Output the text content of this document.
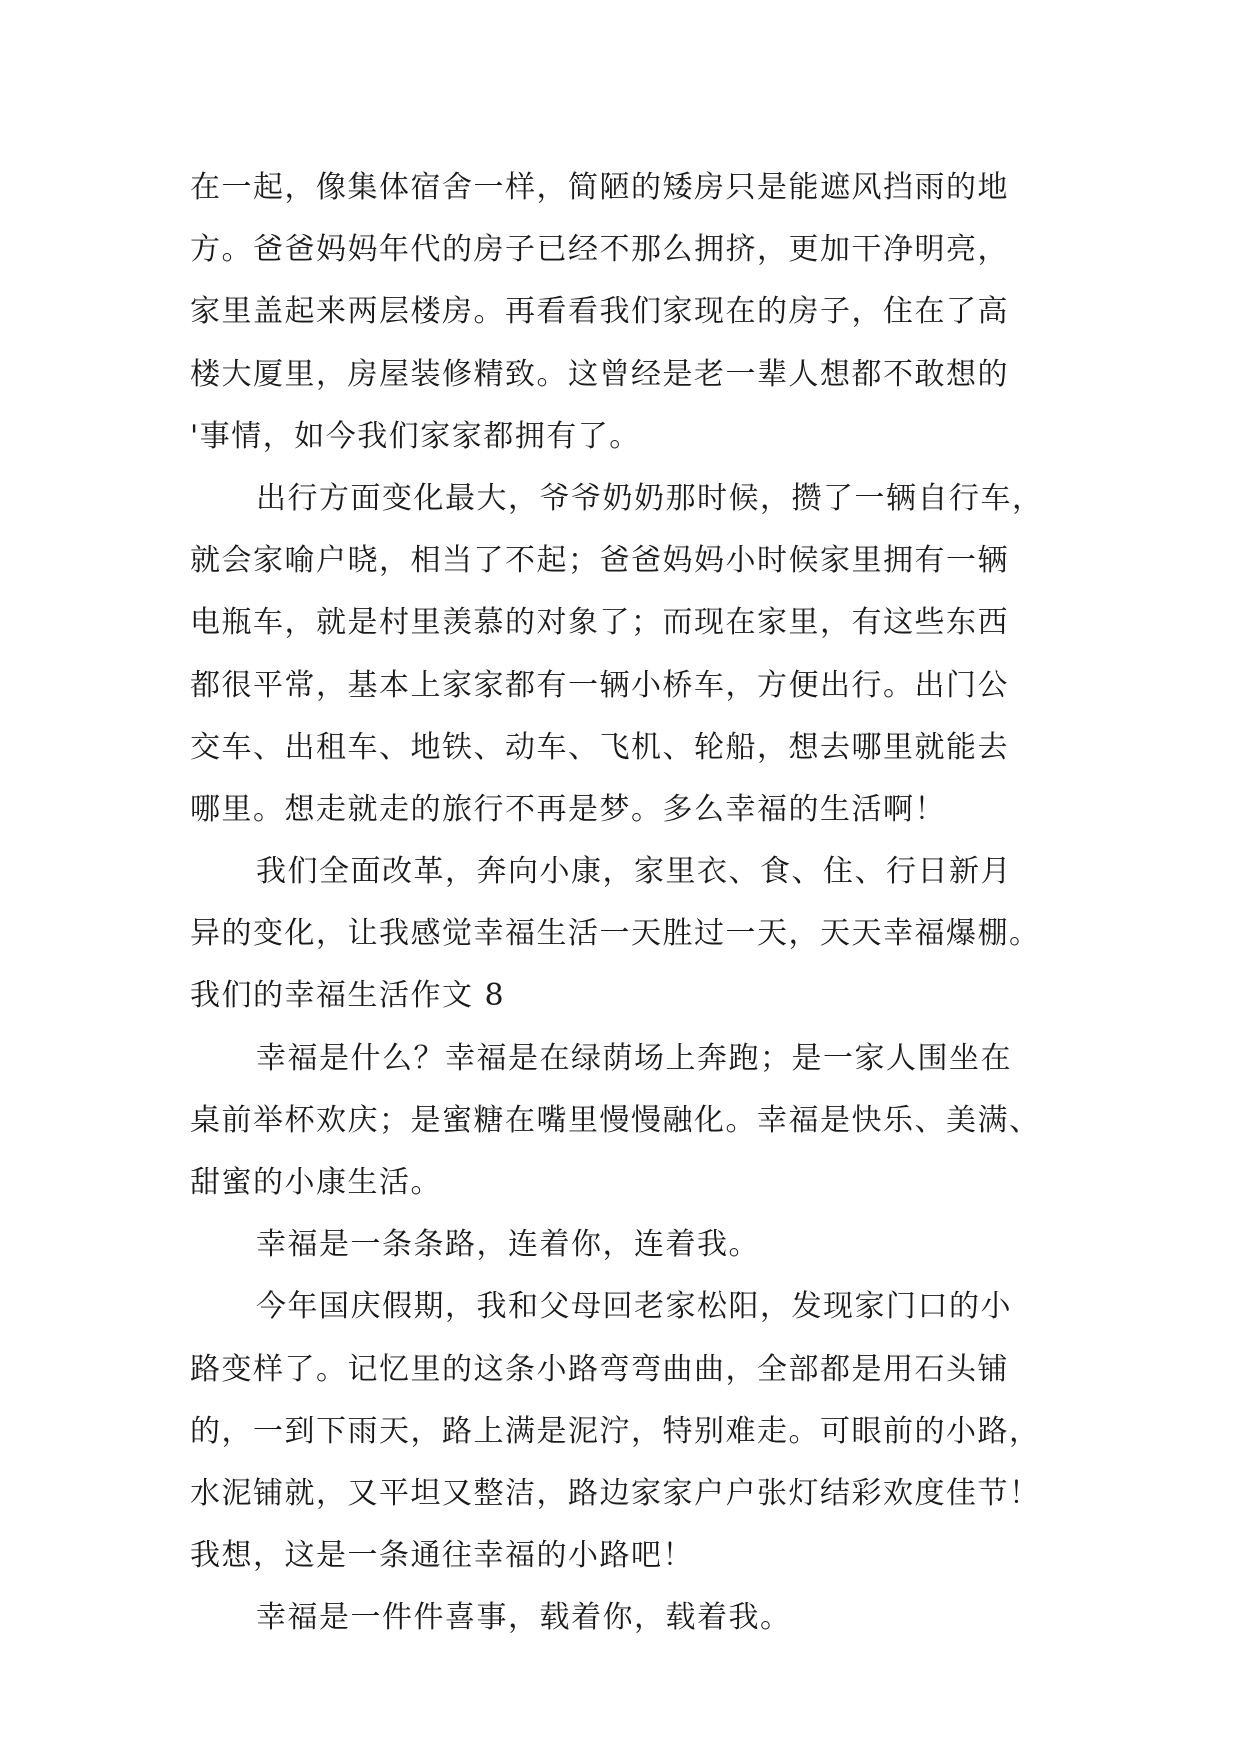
在一起，像集体宿舍一样，简陋的矮房只是能遮风挡雨的地
方。爸爸妈妈年代的房子已经不那么拥挤，更加干净明亮，
家里盖起来两层楼房。再看看我们家现在的房子，住在了高
楼大厦里，房屋装修精致。这曾经是老一辈人想都不敢想的
'事情，如今我们家家都拥有了。
出行方面变化最大，爷爷奶奶那时候，攒了一辆自行车，
就会家喻户晓，相当了不起；爸爸妈妈小时候家里拥有一辆
电瓶车，就是村里羡慕的对象了；而现在家里，有这些东西
都很平常，基本上家家都有一辆小桥车，方便出行。出门公
交车、出租车、地铁、动车、飞机、轮船，想去哪里就能去
哪里。想走就走的旅行不再是梦。多么幸福的生活啊！
我们全面改革，奔向小康，家里衣、食、住、行日新月
异的变化，让我感觉幸福生活一天胜过一天，天天幸福爆棚。
我们的幸福生活作文 8
幸福是什么？幸福是在绿荫场上奔跑；是一家人围坐在
桌前举杯欢庆；是蜜糖在嘴里慢慢融化。幸福是快乐、美满、
甜蜜的小康生活。
幸福是一条条路，连着你，连着我。
今年国庆假期，我和父母回老家松阳，发现家门口的小
路变样了。记忆里的这条小路弯弯曲曲，全部都是用石头铺
的，一到下雨天，路上满是泥泞，特别难走。可眼前的小路，
水泥铺就，又平坦又整洁，路边家家户户张灯结彩欢度佳节！
我想，这是一条通往幸福的小路吧！
幸福是一件件喜事，载着你，载着我。
